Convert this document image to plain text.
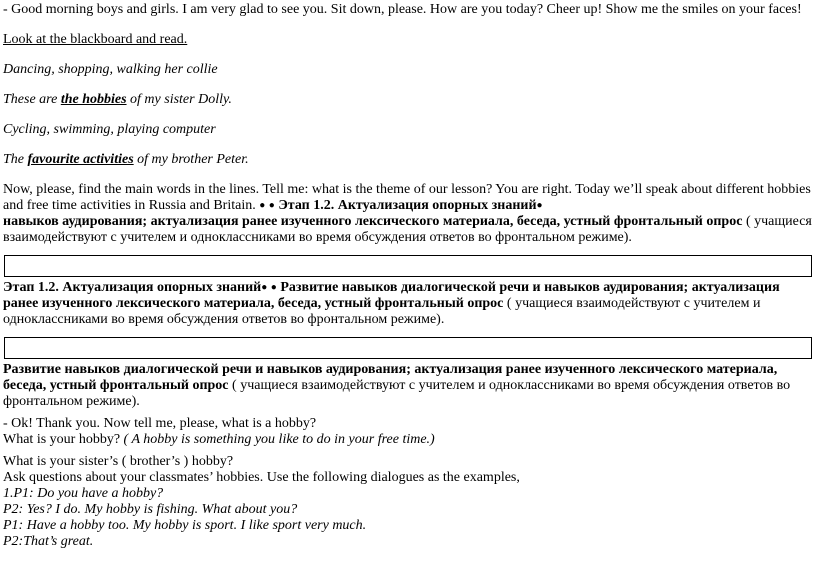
- Good morning boys and girls. I am very glad to see you. Sit down, please. How are you today? Cheer up! Show me the smiles on your faces!

Look at the blackboard and read.

Dancing, shopping, walking her collie

These are the hobbies of my sister Dolly.

Cycling, swimming, playing computer

The favourite activities of my brother Peter.

Now, please, find the main words in the lines. Tell me: what is the theme of our lesson? You are right. Today we’ll speak about different hobbies and free time activities in Russia and Britain. ● ● Этап 1.2. Актуализация опорных знаний●
навыков аудирования; актуализация ранее изученного лексического материала, беседа, устный фронтальный опрос ( учащиеся взаимодействуют с учителем и одноклассниками во время обсуждения ответов во фронтальном режиме).

Этап 1.2. Актуализация опорных знаний● ● Развитие навыков диалогической речи и навыков аудирования; актуализация ранее изученного лексического материала, беседа, устный фронтальный опрос ( учащиеся взаимодействуют с учителем и одноклассниками во время обсуждения ответов во фронтальном режиме).

Развитие навыков диалогической речи и навыков аудирования; актуализация ранее изученного лексического материала, беседа, устный фронтальный опрос ( учащиеся взаимодействуют с учителем и одноклассниками во время обсуждения ответов во фронтальном режиме).

- Ok! Thank you. Now tell me, please, what is a hobby?

What is your hobby? ( A hobby is something you like to do in your free time.)

What is your sister’s ( brother’s ) hobby?

Ask questions about your classmates’ hobbies. Use the following dialogues as the examples,

1.P1: Do you have a hobby?

P2: Yes? I do. My hobby is fishing. What about you?

P1: Have a hobby too. My hobby is sport. I like sport very much.

P2:That’s great.
